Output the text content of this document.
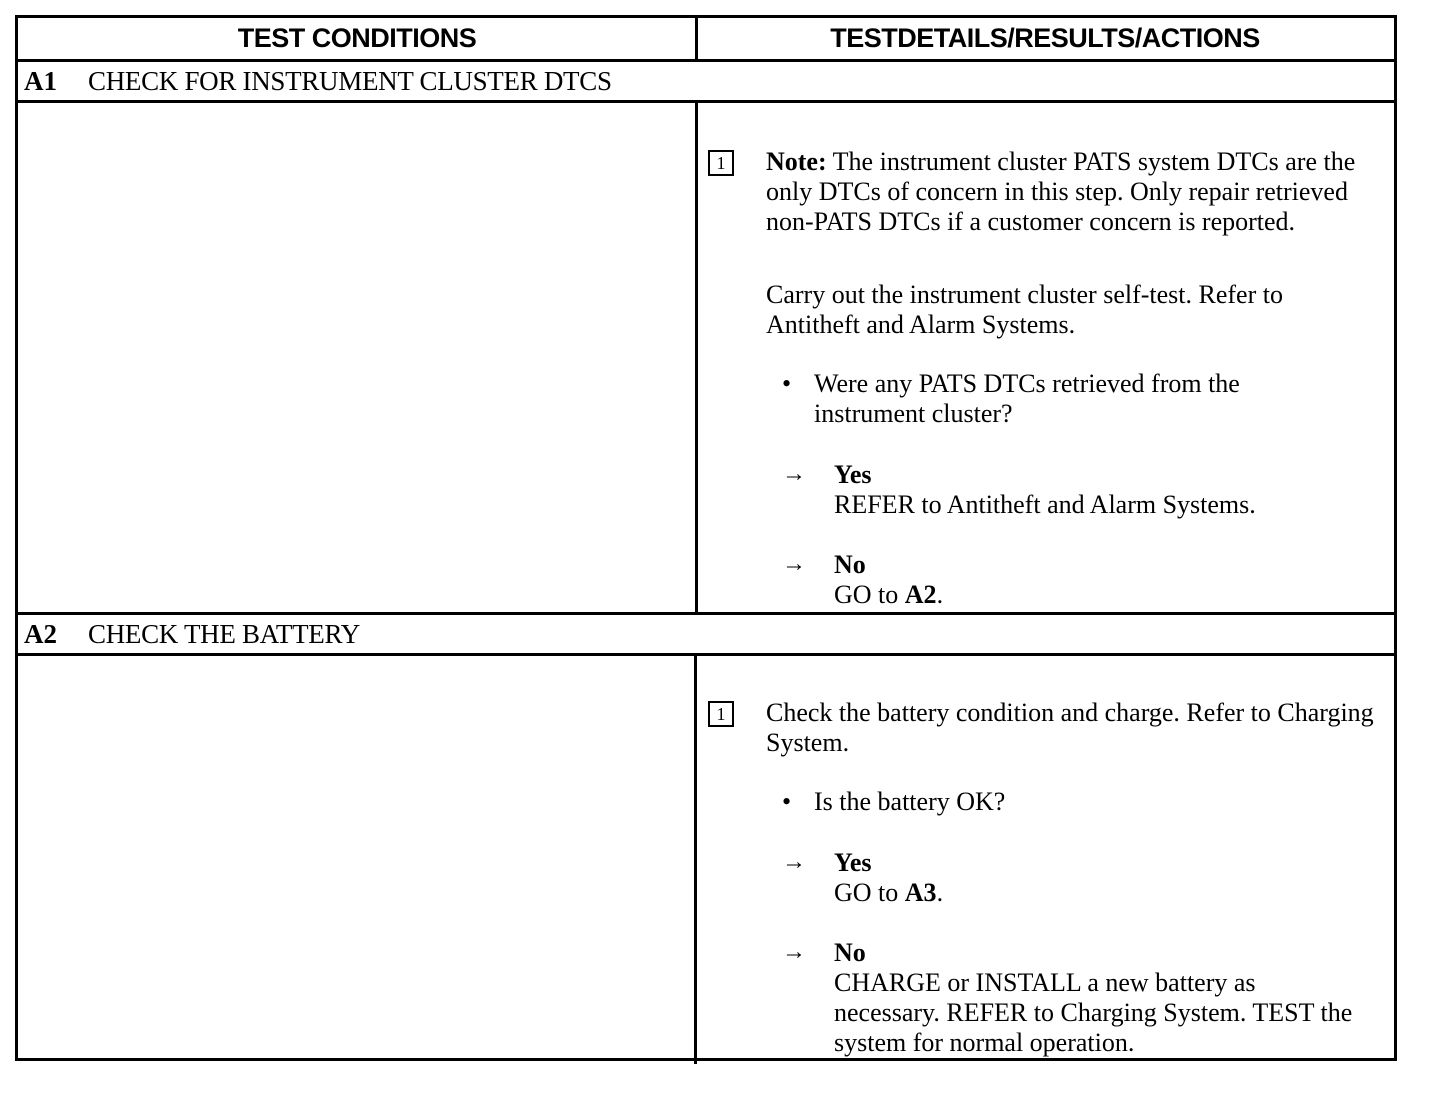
TEST CONDITIONS	TESTDETAILS/RESULTS/ACTIONS
A1	CHECK FOR INSTRUMENT CLUSTER DTCS
1	Note: The instrument cluster PATS system DTCs are the only DTCs of concern in this step. Only repair retrieved non-PATS DTCs if a customer concern is reported.
Carry out the instrument cluster self-test. Refer to Antitheft and Alarm Systems.
• Were any PATS DTCs retrieved from the instrument cluster?
→ Yes
REFER to Antitheft and Alarm Systems.
→ No
GO to A2.
A2	CHECK THE BATTERY
1	Check the battery condition and charge. Refer to Charging System.
• Is the battery OK?
→ Yes
GO to A3.
→ No
CHARGE or INSTALL a new battery as necessary. REFER to Charging System. TEST the system for normal operation.
